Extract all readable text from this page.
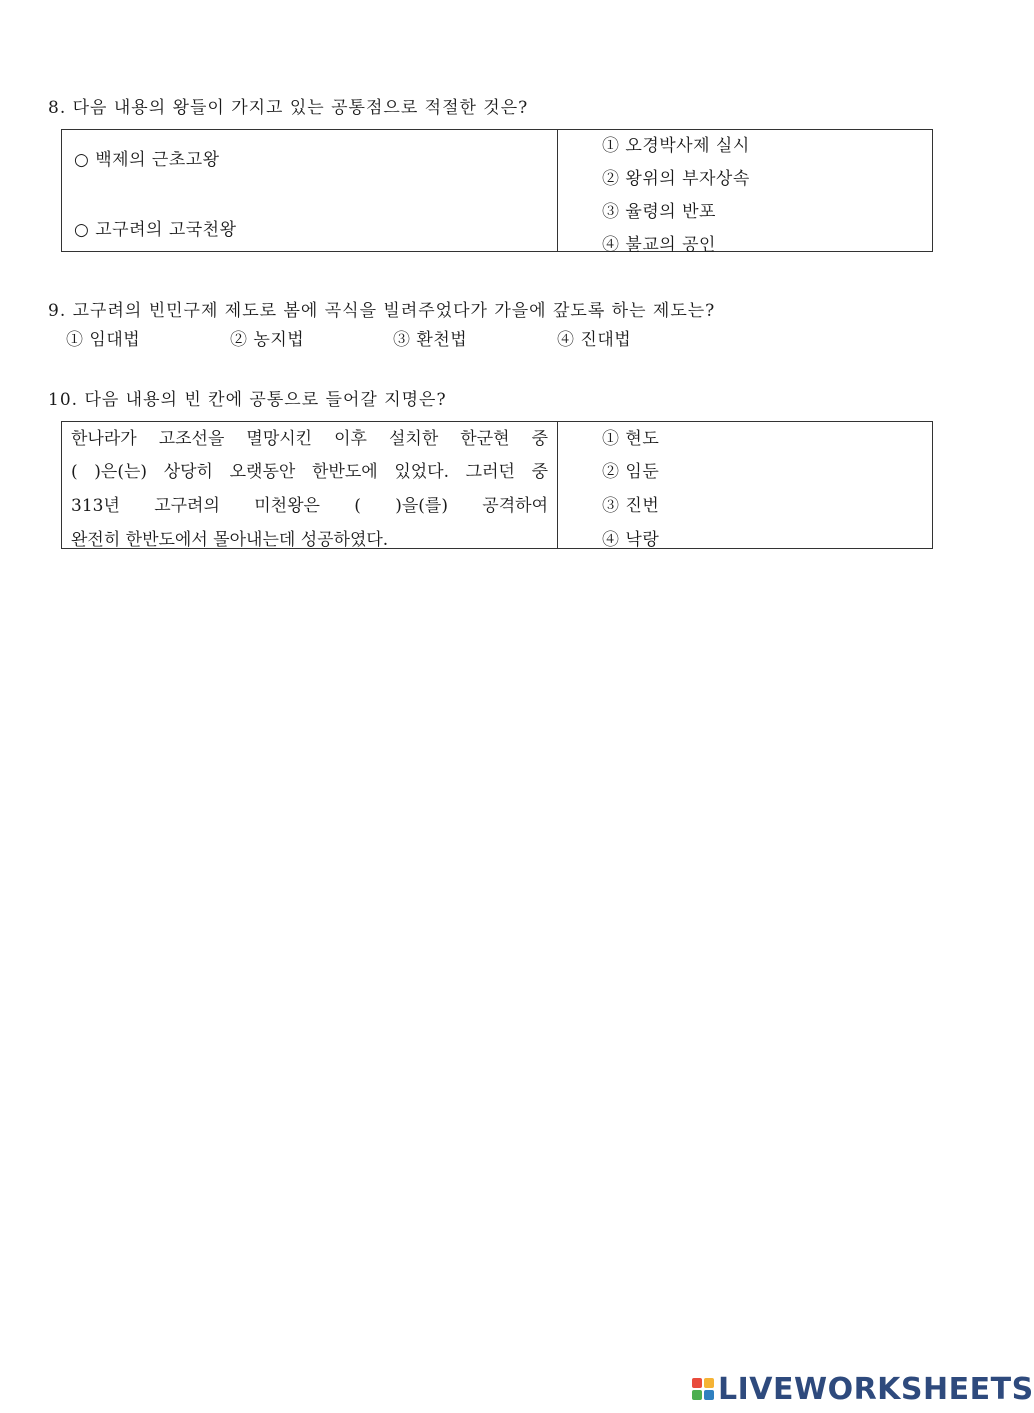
8. 다음 내용의 왕들이 가지고 있는 공통점으로 적절한 것은?
○ 백제의 근초고왕
○ 고구려의 고국천왕
① 오경박사제 실시
② 왕위의 부자상속
③ 율령의 반포
④ 불교의 공인
9. 고구려의 빈민구제 제도로 봄에 곡식을 빌려주었다가 가을에 갚도록 하는 제도는?
① 임대법	② 농지법	③ 환천법	④ 진대법
10. 다음 내용의 빈 칸에 공통으로 들어갈 지명은?
한나라가 고조선을 멸망시킨 이후 설치한 한군현 중
( )은(는) 상당히 오랫동안 한반도에 있었다. 그러던 중
313년 고구려의 미천왕은 ( )을(를) 공격하여
완전히 한반도에서 몰아내는데 성공하였다.
① 현도
② 임둔
③ 진번
④ 낙랑
LIVEWORKSHEETS
